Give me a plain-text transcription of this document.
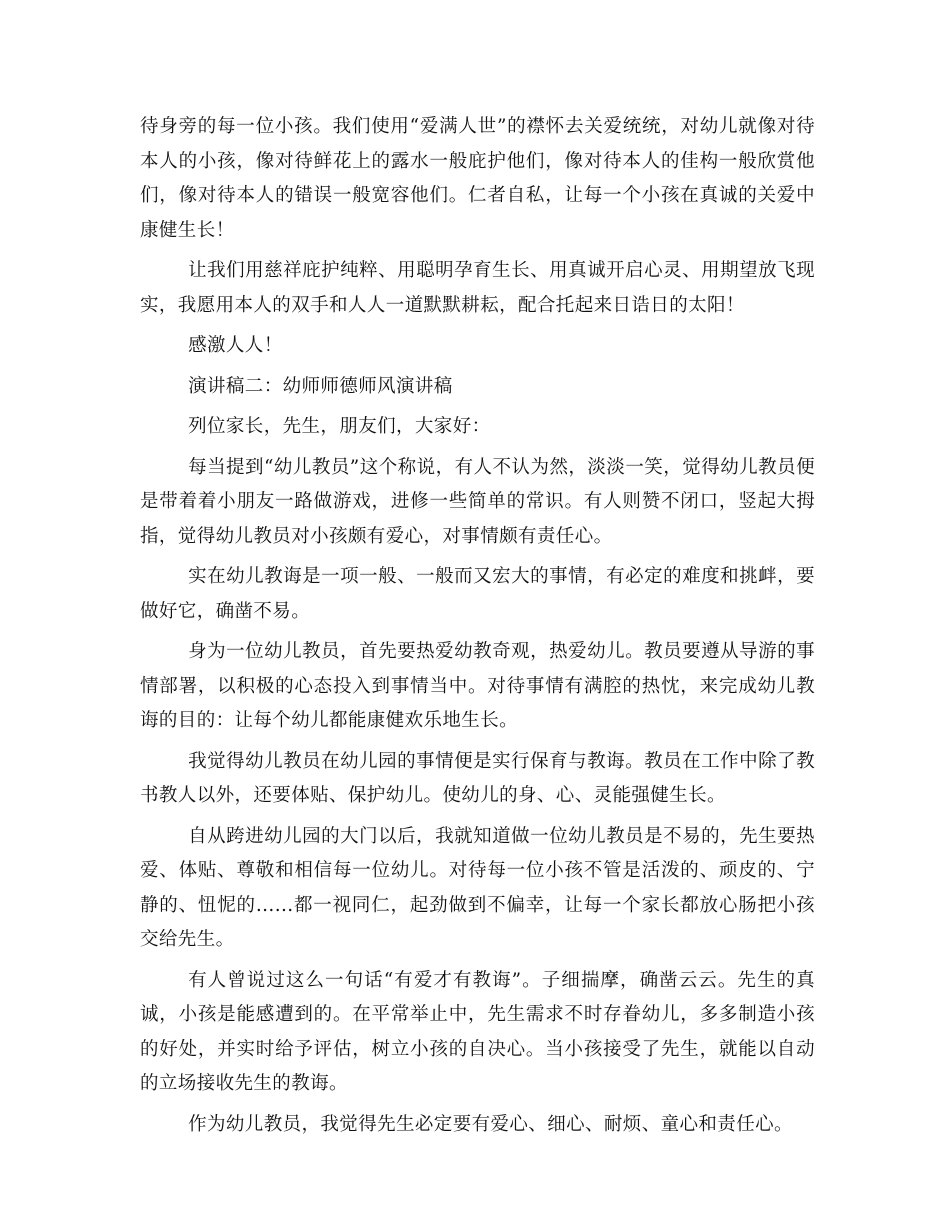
待身旁的每一位小孩。我们使用“爱满人世”的襟怀去关爱统统，对幼儿就像对待本人的小孩，像对待鲜花上的露水一般庇护他们，像对待本人的佳构一般欣赏他们，像对待本人的错误一般宽容他们。仁者自私，让每一个小孩在真诚的关爱中康健生长！

让我们用慈祥庇护纯粹、用聪明孕育生长、用真诚开启心灵、用期望放飞现实，我愿用本人的双手和人人一道默默耕耘，配合托起来日诰日的太阳！

感激人人！

演讲稿二：幼师师德师风演讲稿

列位家长，先生，朋友们，大家好：

每当提到“幼儿教员”这个称说，有人不认为然，淡淡一笑，觉得幼儿教员便是带着着小朋友一路做游戏，进修一些简单的常识。有人则赞不闭口，竖起大拇指，觉得幼儿教员对小孩颇有爱心，对事情颇有责任心。

实在幼儿教诲是一项一般、一般而又宏大的事情，有必定的难度和挑衅，要做好它，确凿不易。

身为一位幼儿教员，首先要热爱幼教奇观，热爱幼儿。教员要遵从导游的事情部署，以积极的心态投入到事情当中。对待事情有满腔的热忱，来完成幼儿教诲的目的：让每个幼儿都能康健欢乐地生长。

我觉得幼儿教员在幼儿园的事情便是实行保育与教诲。教员在工作中除了教书教人以外，还要体贴、保护幼儿。使幼儿的身、心、灵能强健生长。

自从跨进幼儿园的大门以后，我就知道做一位幼儿教员是不易的，先生要热爱、体贴、尊敬和相信每一位幼儿。对待每一位小孩不管是活泼的、顽皮的、宁静的、忸怩的......都一视同仁，起劲做到不偏幸，让每一个家长都放心肠把小孩交给先生。

有人曾说过这么一句话“有爱才有教诲”。子细揣摩，确凿云云。先生的真诚，小孩是能感遭到的。在平常举止中，先生需求不时存眷幼儿，多多制造小孩的好处，并实时给予评估，树立小孩的自决心。当小孩接受了先生，就能以自动的立场接收先生的教诲。

作为幼儿教员，我觉得先生必定要有爱心、细心、耐烦、童心和责任心。
